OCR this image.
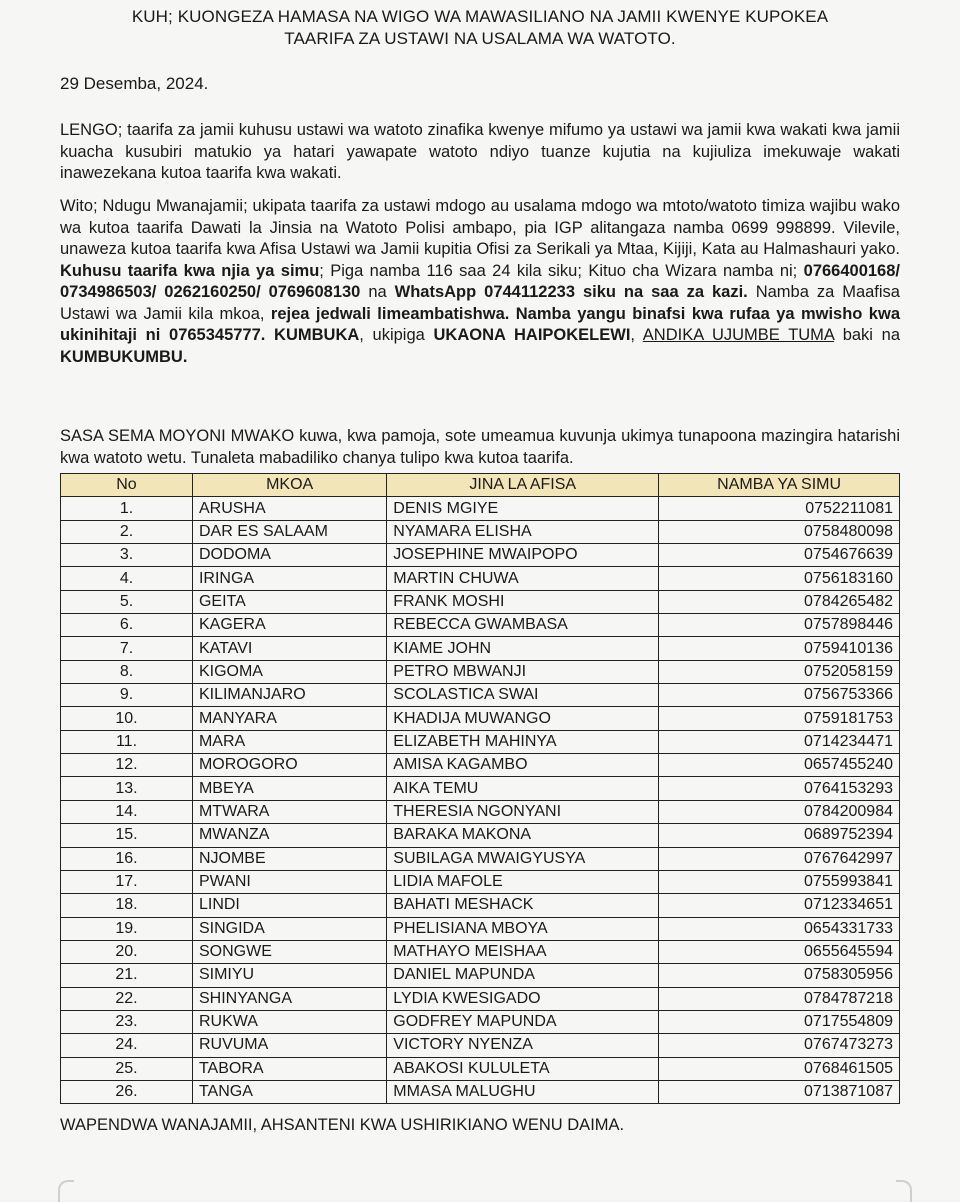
KUH; KUONGEZA HAMASA NA WIGO WA MAWASILIANO NA JAMII KWENYE KUPOKEA
TAARIFA ZA USTAWI NA USALAMA WA WATOTO.
29 Desemba, 2024.
LENGO; taarifa za jamii kuhusu ustawi wa watoto zinafika kwenye mifumo ya ustawi wa jamii kwa wakati kwa jamii kuacha kusubiri matukio ya hatari yawapate watoto ndiyo tuanze kujutia na kujiuliza imekuwaje wakati inawezekana kutoa taarifa kwa wakati.
Wito; Ndugu Mwanajamii; ukipata taarifa za ustawi mdogo au usalama mdogo wa mtoto/watoto timiza wajibu wako wa kutoa taarifa Dawati la Jinsia na Watoto Polisi ambapo, pia IGP alitangaza namba 0699 998899. Vilevile, unaweza kutoa taarifa kwa Afisa Ustawi wa Jamii kupitia Ofisi za Serikali ya Mtaa, Kijiji, Kata au Halmashauri yako. Kuhusu taarifa kwa njia ya simu; Piga namba 116 saa 24 kila siku; Kituo cha Wizara namba ni; 0766400168/ 0734986503/ 0262160250/ 0769608130 na WhatsApp 0744112233 siku na saa za kazi. Namba za Maafisa Ustawi wa Jamii kila mkoa, rejea jedwali limeambatishwa. Namba yangu binafsi kwa rufaa ya mwisho kwa ukinihitaji ni 0765345777. KUMBUKA, ukipiga UKAONA HAIPOKELEWI, ANDIKA UJUMBE TUMA baki na KUMBUKUMBU.
SASA SEMA MOYONI MWAKO kuwa, kwa pamoja, sote umeamua kuvunja ukimya tunapoona mazingira hatarishi kwa watoto wetu. Tunaleta mabadiliko chanya tulipo kwa kutoa taarifa.
No	MKOA	JINA LA AFISA	NAMBA YA SIMU
1.	ARUSHA	DENIS MGIYE	0752211081
2.	DAR ES SALAAM	NYAMARA ELISHA	0758480098
3.	DODOMA	JOSEPHINE MWAIPOPO	0754676639
4.	IRINGA	MARTIN CHUWA	0756183160
5.	GEITA	FRANK MOSHI	0784265482
6.	KAGERA	REBECCA GWAMBASA	0757898446
7.	KATAVI	KIAME JOHN	0759410136
8.	KIGOMA	PETRO MBWANJI	0752058159
9.	KILIMANJARO	SCOLASTICA SWAI	0756753366
10.	MANYARA	KHADIJA MUWANGO	0759181753
11.	MARA	ELIZABETH MAHINYA	0714234471
12.	MOROGORO	AMISA KAGAMBO	0657455240
13.	MBEYA	AIKA TEMU	0764153293
14.	MTWARA	THERESIA NGONYANI	0784200984
15.	MWANZA	BARAKA MAKONA	0689752394
16.	NJOMBE	SUBILAGA MWAIGYUSYA	0767642997
17.	PWANI	LIDIA MAFOLE	0755993841
18.	LINDI	BAHATI MESHACK	0712334651
19.	SINGIDA	PHELISIANA MBOYA	0654331733
20.	SONGWE	MATHAYO MEISHAA	0655645594
21.	SIMIYU	DANIEL MAPUNDA	0758305956
22.	SHINYANGA	LYDIA KWESIGADO	0784787218
23.	RUKWA	GODFREY MAPUNDA	0717554809
24.	RUVUMA	VICTORY NYENZA	0767473273
25.	TABORA	ABAKOSI KULULETA	0768461505
26.	TANGA	MMASA MALUGHU	0713871087
WAPENDWA WANAJAMII, AHSANTENI KWA USHIRIKIANO WENU DAIMA.
